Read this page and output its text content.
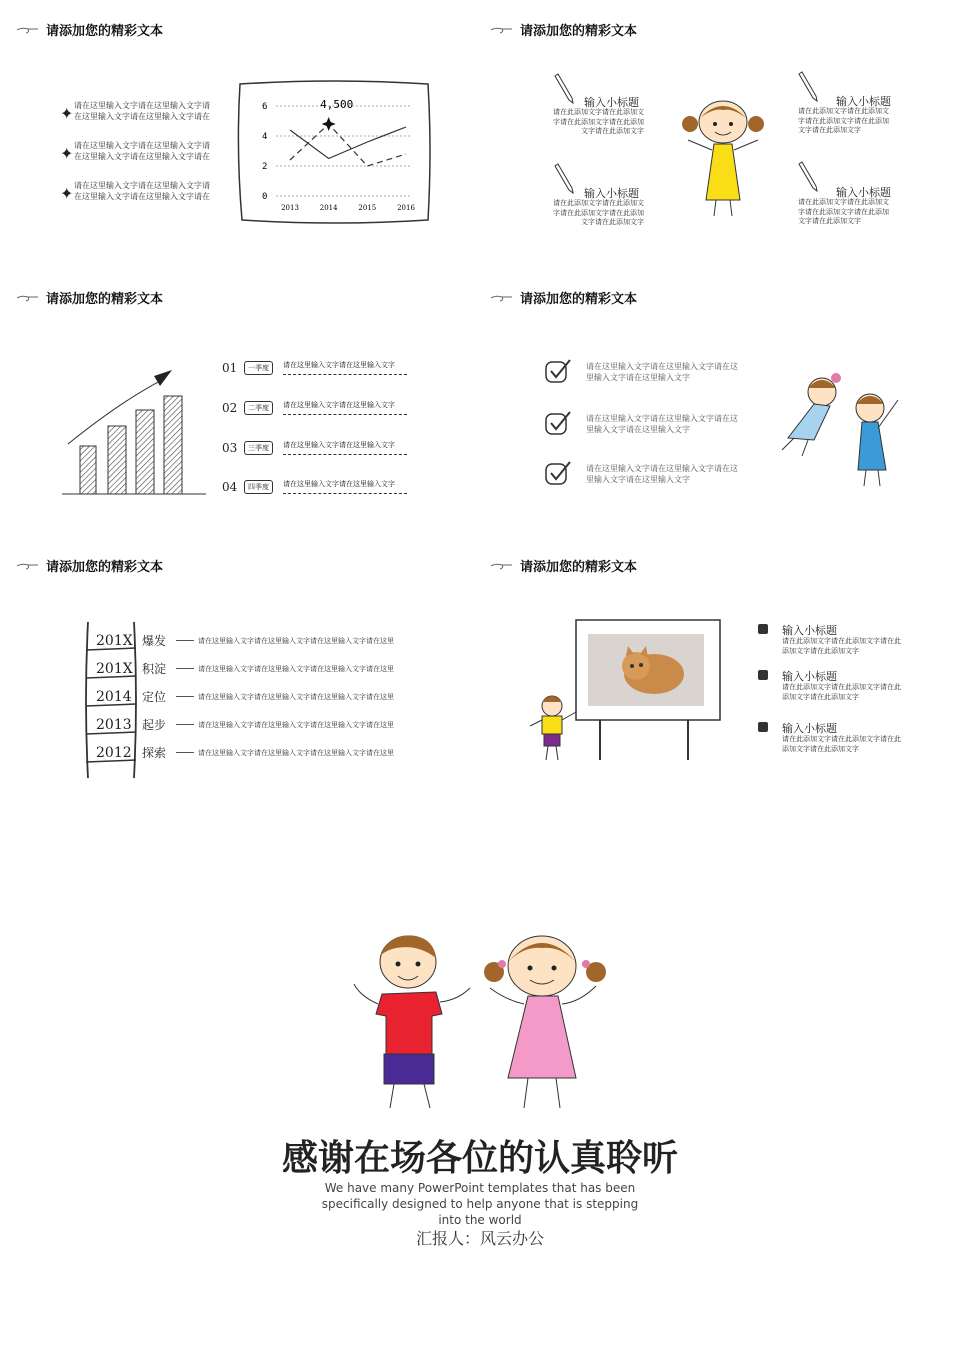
请添加您的精彩文本
✦ 请在这里输入文字请在这里输入文字请在这里输入文字请在这里输入文字请在
✦ 请在这里输入文字请在这里输入文字请在这里输入文字请在这里输入文字请在
✦ 请在这里输入文字请在这里输入文字请在这里输入文字请在这里输入文字请在
4,500
0
2
4
6
2013	2014	2015	2016
请添加您的精彩文本
输入小标题
请在此添加文字请在此添加文字请在此添加文字请在此添加文字请在此添加文字
输入小标题
请在此添加文字请在此添加文字请在此添加文字请在此添加文字请在此添加文字
输入小标题
请在此添加文字请在此添加文字请在此添加文字请在此添加文字请在此添加文字
输入小标题
请在此添加文字请在此添加文字请在此添加文字请在此添加文字请在此添加文字
请添加您的精彩文本
01	一季度	请在这里输入文字请在这里输入文字
02	二季度	请在这里输入文字请在这里输入文字
03	三季度	请在这里输入文字请在这里输入文字
04	四季度	请在这里输入文字请在这里输入文字
请添加您的精彩文本
请在这里输入文字请在这里输入文字请在这里输入文字请在这里输入文字
请在这里输入文字请在这里输入文字请在这里输入文字请在这里输入文字
请在这里输入文字请在这里输入文字请在这里输入文字请在这里输入文字
请添加您的精彩文本
201X 爆发	请在这里输入文字请在这里输入文字请在这里输入文字请在这里
201X 积淀	请在这里输入文字请在这里输入文字请在这里输入文字请在这里
2014 定位	请在这里输入文字请在这里输入文字请在这里输入文字请在这里
2013 起步	请在这里输入文字请在这里输入文字请在这里输入文字请在这里
2012 探索	请在这里输入文字请在这里输入文字请在这里输入文字请在这里
请添加您的精彩文本
输入小标题
请在此添加文字请在此添加文字请在此添加文字请在此添加文字
输入小标题
请在此添加文字请在此添加文字请在此添加文字请在此添加文字
输入小标题
请在此添加文字请在此添加文字请在此添加文字请在此添加文字
感谢在场各位的认真聆听
We have many PowerPoint templates that has been specifically designed to help anyone that is stepping into the world
汇报人：风云办公
